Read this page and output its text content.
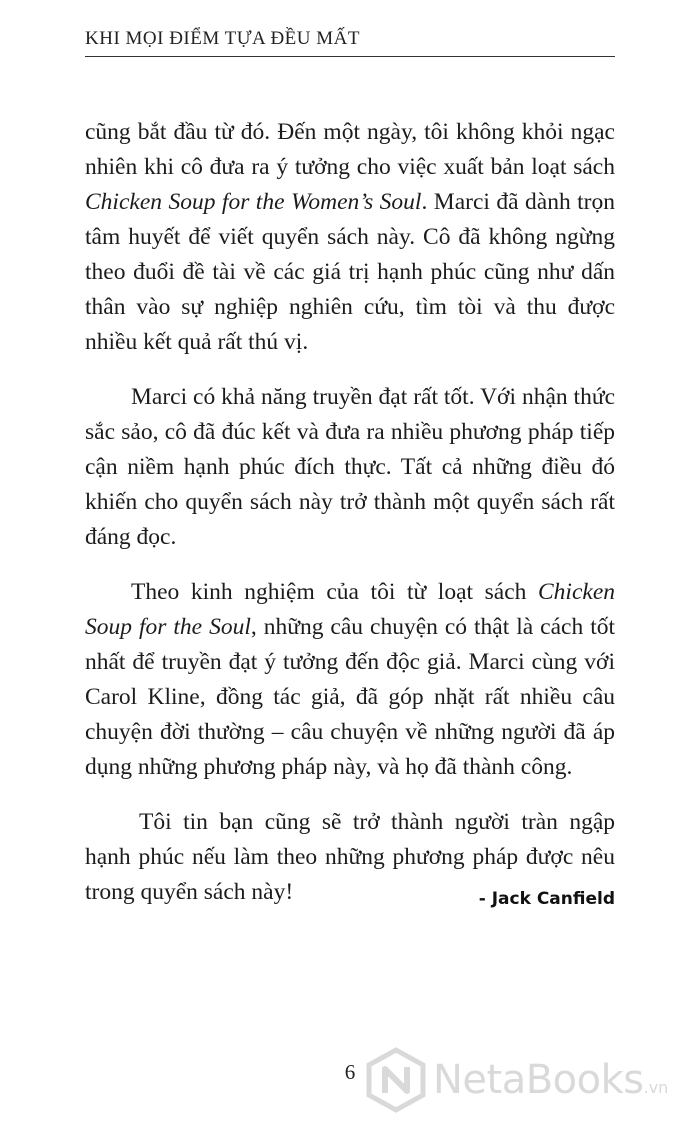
KHI MỌI ĐIỂM TỰA ĐỀU MẤT

cũng bắt đầu từ đó. Đến một ngày, tôi không khỏi ngạc nhiên khi cô đưa ra ý tưởng cho việc xuất bản loạt sách Chicken Soup for the Women’s Soul. Marci đã dành trọn tâm huyết để viết quyển sách này. Cô đã không ngừng theo đuổi đề tài về các giá trị hạnh phúc cũng như dấn thân vào sự nghiệp nghiên cứu, tìm tòi và thu được nhiều kết quả rất thú vị.

Marci có khả năng truyền đạt rất tốt. Với nhận thức sắc sảo, cô đã đúc kết và đưa ra nhiều phương pháp tiếp cận niềm hạnh phúc đích thực. Tất cả những điều đó khiến cho quyển sách này trở thành một quyển sách rất đáng đọc.

Theo kinh nghiệm của tôi từ loạt sách Chicken Soup for the Soul, những câu chuyện có thật là cách tốt nhất để truyền đạt ý tưởng đến độc giả. Marci cùng với Carol Kline, đồng tác giả, đã góp nhặt rất nhiều câu chuyện đời thường – câu chuyện về những người đã áp dụng những phương pháp này, và họ đã thành công.

Tôi tin bạn cũng sẽ trở thành người tràn ngập hạnh phúc nếu làm theo những phương pháp được nêu trong quyển sách này!	- Jack Canfield
NetaBooks .vn
6
